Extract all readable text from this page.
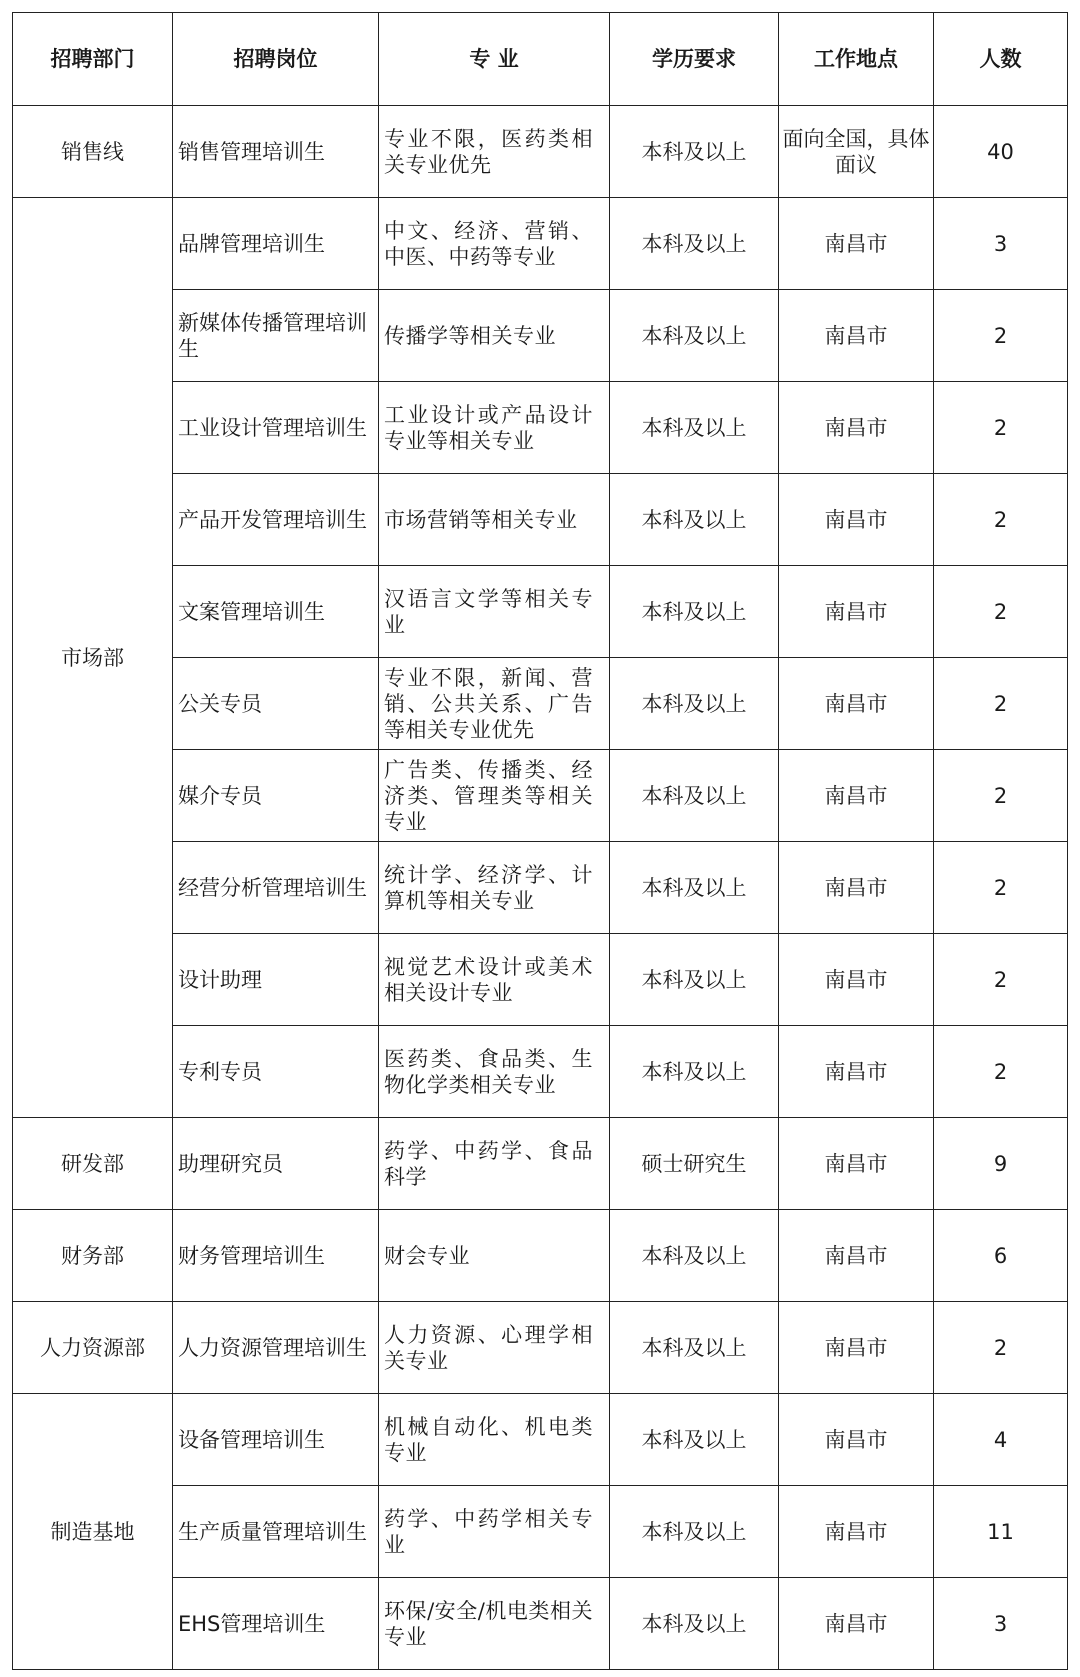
招聘部门	招聘岗位	专 业	学历要求	工作地点	人数
销售线	销售管理培训生	专业不限，医药类相关专业优先	本科及以上	面向全国，具体面议	40
市场部	品牌管理培训生	中文、经济、营销、中医、中药等专业	本科及以上	南昌市	3
	新媒体传播管理培训生	传播学等相关专业	本科及以上	南昌市	2
	工业设计管理培训生	工业设计或产品设计专业等相关专业	本科及以上	南昌市	2
	产品开发管理培训生	市场营销等相关专业	本科及以上	南昌市	2
	文案管理培训生	汉语言文学等相关专业	本科及以上	南昌市	2
	公关专员	专业不限，新闻、营销、公共关系、广告等相关专业优先	本科及以上	南昌市	2
	媒介专员	广告类、传播类、经济类、管理类等相关专业	本科及以上	南昌市	2
	经营分析管理培训生	统计学、经济学、计算机等相关专业	本科及以上	南昌市	2
	设计助理	视觉艺术设计或美术相关设计专业	本科及以上	南昌市	2
	专利专员	医药类、食品类、生物化学类相关专业	本科及以上	南昌市	2
研发部	助理研究员	药学、中药学、食品科学	硕士研究生	南昌市	9
财务部	财务管理培训生	财会专业	本科及以上	南昌市	6
人力资源部	人力资源管理培训生	人力资源、心理学相关专业	本科及以上	南昌市	2
制造基地	设备管理培训生	机械自动化、机电类专业	本科及以上	南昌市	4
	生产质量管理培训生	药学、中药学相关专业	本科及以上	南昌市	11
	EHS管理培训生	环保/安全/机电类相关专业	本科及以上	南昌市	3
